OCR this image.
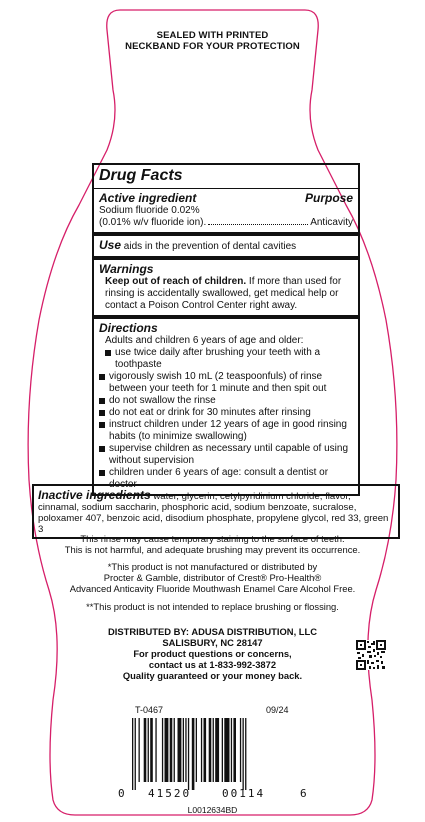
SEALED WITH PRINTED
NECKBAND FOR YOUR PROTECTION
Drug Facts
Active ingredient	Purpose
Sodium fluoride 0.02%
(0.01% w/v fluoride ion).	Anticavity
Use aids in the prevention of dental cavities
Warnings
Keep out of reach of children. If more than used for rinsing is accidentally swallowed, get medical help or contact a Poison Control Center right away.
Directions
Adults and children 6 years of age and older:
use twice daily after brushing your teeth with a toothpaste
vigorously swish 10 mL (2 teaspoonfuls) of rinse between your teeth for 1 minute and then spit out
do not swallow the rinse
do not eat or drink for 30 minutes after rinsing
instruct children under 12 years of age in good rinsing habits (to minimize swallowing)
supervise children as necessary until capable of using without supervision
children under 6 years of age: consult a dentist or doctor
Inactive ingredients water, glycerin, cetylpyridinium chloride, flavor, cinnamal, sodium saccharin, phosphoric acid, sodium benzoate, sucralose, poloxamer 407, benzoic acid, disodium phosphate, propylene glycol, red 33, green 3
This rinse may cause temporary staining to the surface of teeth.
This is not harmful, and adequate brushing may prevent its occurrence.
*This product is not manufactured or distributed by
Procter & Gamble, distributor of Crest® Pro-Health®
Advanced Anticavity Fluoride Mouthwash Enamel Care Alcohol Free.
**This product is not intended to replace brushing or flossing.
DISTRIBUTED BY: ADUSA DISTRIBUTION, LLC
SALISBURY, NC 28147
For product questions or concerns,
contact us at 1-833-992-3872
Quality guaranteed or your money back.
T-0467	09/24
0 41520	00114	6
L0012634BD
